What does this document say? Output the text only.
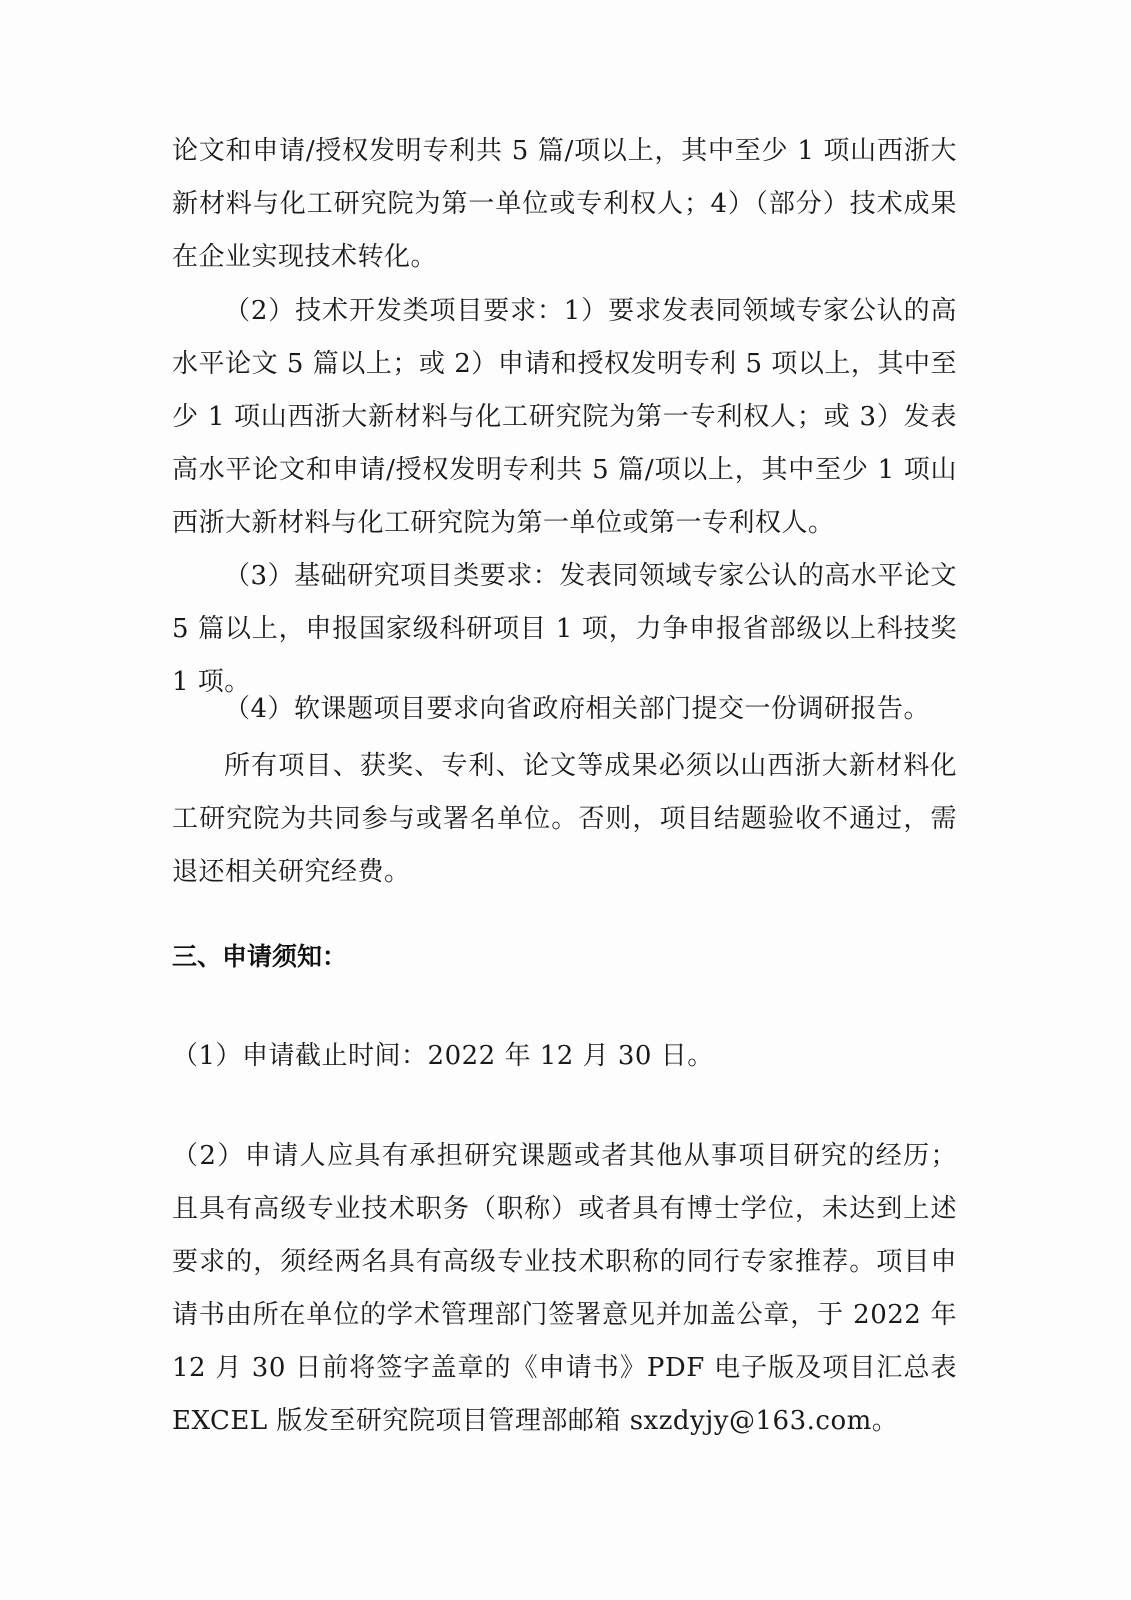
论文和申请/授权发明专利共 5 篇/项以上，其中至少 1 项山西浙大新材料与化工研究院为第一单位或专利权人；4）（部分）技术成果在企业实现技术转化。

（2）技术开发类项目要求：1）要求发表同领域专家公认的高水平论文 5 篇以上；或 2）申请和授权发明专利 5 项以上，其中至少 1 项山西浙大新材料与化工研究院为第一专利权人；或 3）发表高水平论文和申请/授权发明专利共 5 篇/项以上，其中至少 1 项山西浙大新材料与化工研究院为第一单位或第一专利权人。

（3）基础研究项目类要求：发表同领域专家公认的高水平论文 5 篇以上，申报国家级科研项目 1 项，力争申报省部级以上科技奖 1 项。

（4）软课题项目要求向省政府相关部门提交一份调研报告。

所有项目、获奖、专利、论文等成果必须以山西浙大新材料化工研究院为共同参与或署名单位。否则，项目结题验收不通过，需退还相关研究经费。

三、申请须知：

（1）申请截止时间：2022 年 12 月 30 日。

（2）申请人应具有承担研究课题或者其他从事项目研究的经历；且具有高级专业技术职务（职称）或者具有博士学位，未达到上述要求的，须经两名具有高级专业技术职称的同行专家推荐。项目申请书由所在单位的学术管理部门签署意见并加盖公章，于 2022 年 12 月 30 日前将签字盖章的《申请书》PDF 电子版及项目汇总表 EXCEL 版发至研究院项目管理部邮箱 sxzdyjy@163.com。
